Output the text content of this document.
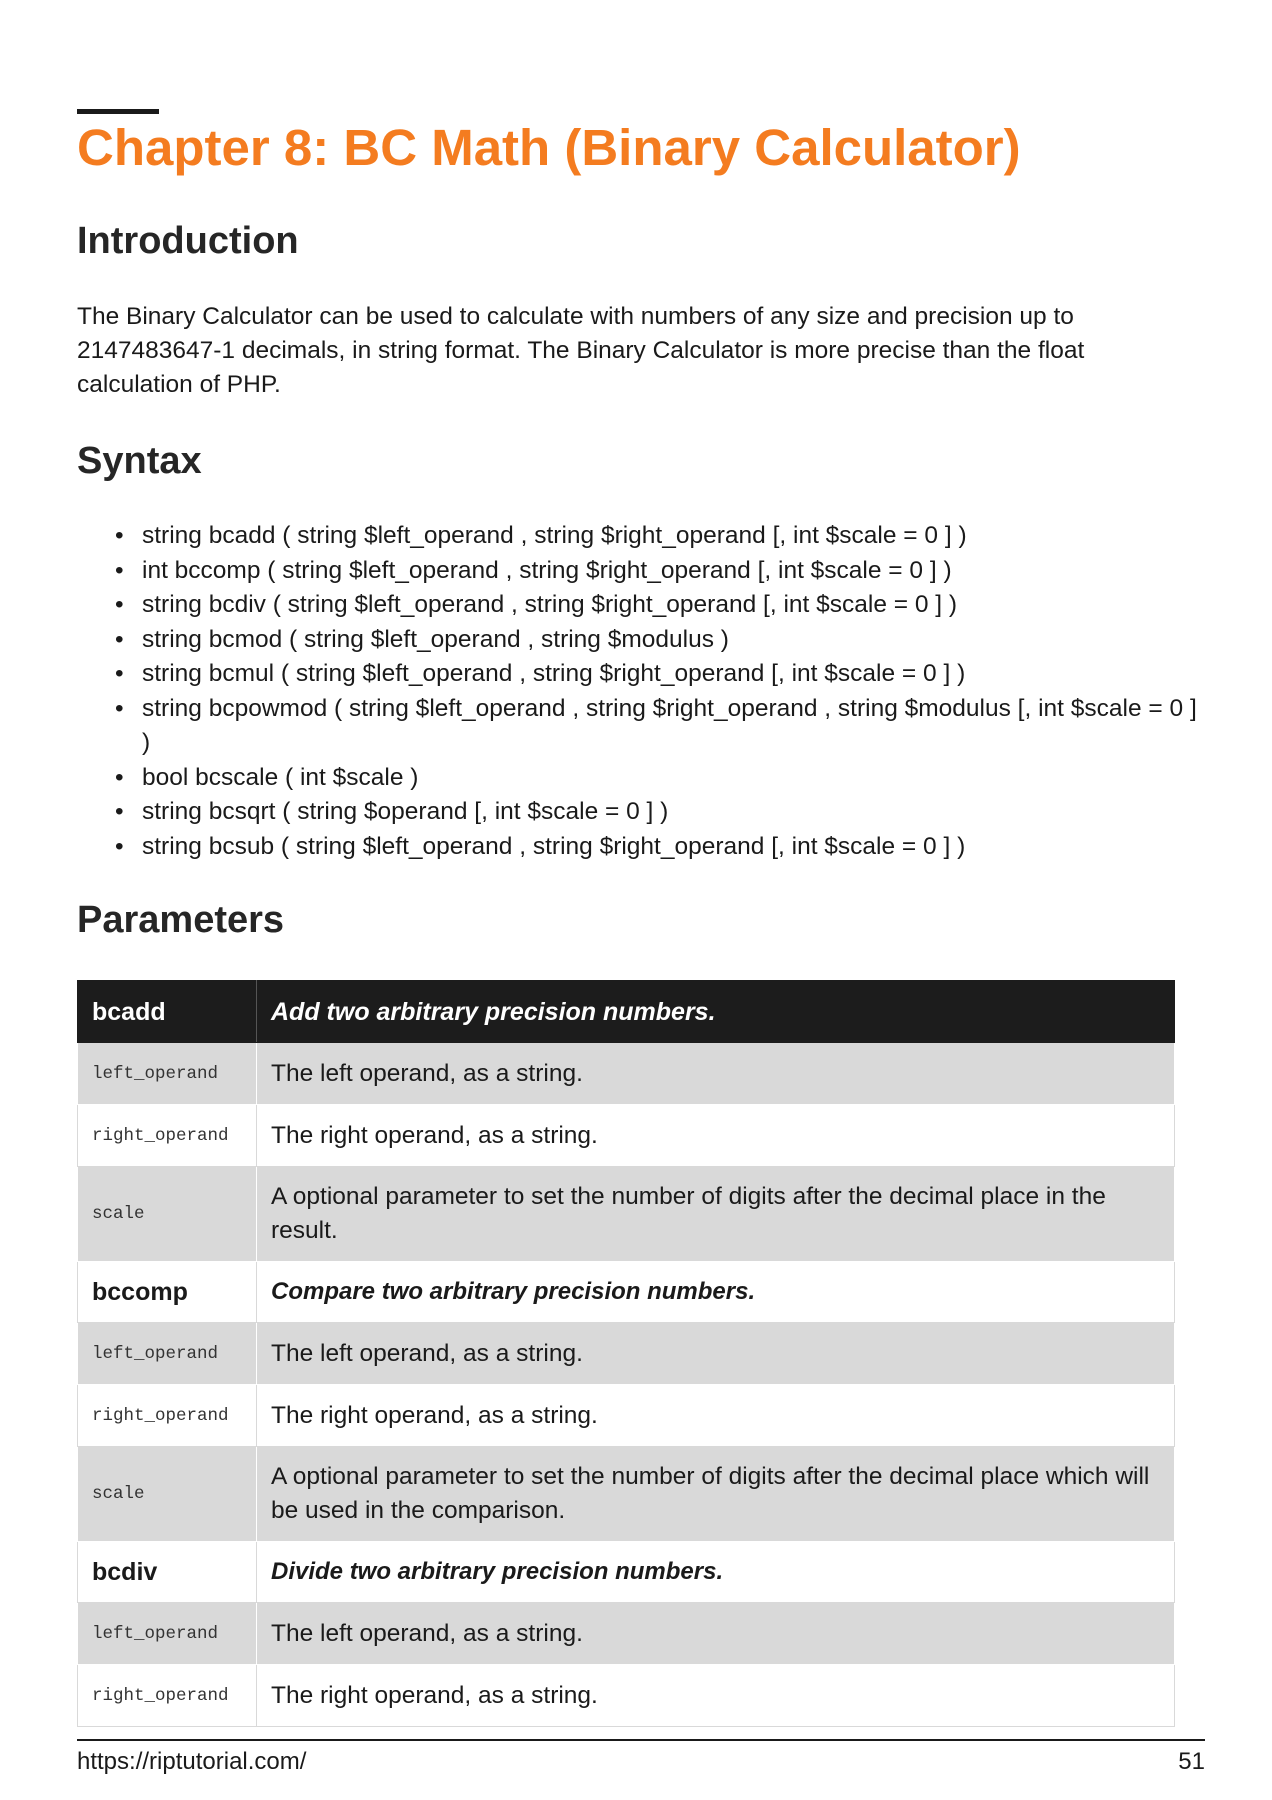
Chapter 8: BC Math (Binary Calculator)
Introduction

The Binary Calculator can be used to calculate with numbers of any size and precision up to 2147483647-1 decimals, in string format. The Binary Calculator is more precise than the float calculation of PHP.

Syntax
• string bcadd ( string $left_operand , string $right_operand [, int $scale = 0 ] )
• int bccomp ( string $left_operand , string $right_operand [, int $scale = 0 ] )
• string bcdiv ( string $left_operand , string $right_operand [, int $scale = 0 ] )
• string bcmod ( string $left_operand , string $modulus )
• string bcmul ( string $left_operand , string $right_operand [, int $scale = 0 ] )
• string bcpowmod ( string $left_operand , string $right_operand , string $modulus [, int $scale = 0 ] )
• bool bcscale ( int $scale )
• string bcsqrt ( string $operand [, int $scale = 0 ] )
• string bcsub ( string $left_operand , string $right_operand [, int $scale = 0 ] )
Parameters
bcadd	Add two arbitrary precision numbers.
left_operand	The left operand, as a string.
right_operand	The right operand, as a string.
scale	A optional parameter to set the number of digits after the decimal place in the result.
bccomp	Compare two arbitrary precision numbers.
left_operand	The left operand, as a string.
right_operand	The right operand, as a string.
scale	A optional parameter to set the number of digits after the decimal place which will be used in the comparison.
bcdiv	Divide two arbitrary precision numbers.
left_operand	The left operand, as a string.
right_operand	The right operand, as a string.
https://riptutorial.com/	51
